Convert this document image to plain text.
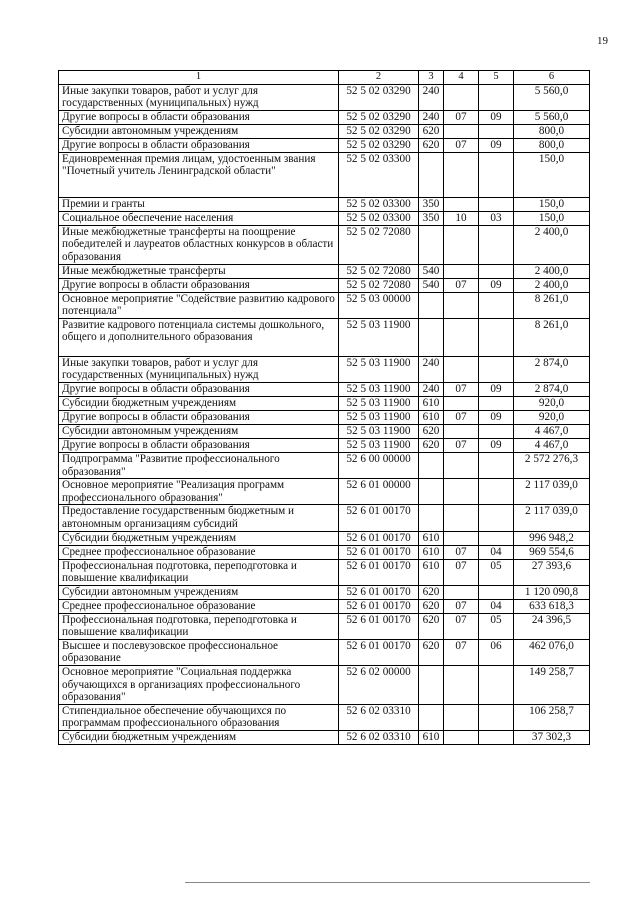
19
1	2	3	4	5	6
Иные закупки товаров, работ и услуг для государственных (муниципальных) нужд	52 5 02 03290	240			5 560,0
Другие вопросы в области образования	52 5 02 03290	240	07	09	5 560,0
Субсидии автономным учреждениям	52 5 02 03290	620			800,0
Другие вопросы в области образования	52 5 02 03290	620	07	09	800,0
Единовременная премия лицам, удостоенным звания "Почетный учитель Ленинградской области"	52 5 02 03300				150,0
Премии и гранты	52 5 02 03300	350			150,0
Социальное обеспечение населения	52 5 02 03300	350	10	03	150,0
Иные межбюджетные трансферты на поощрение победителей и лауреатов областных конкурсов в области образования	52 5 02 72080				2 400,0
Иные межбюджетные трансферты	52 5 02 72080	540			2 400,0
Другие вопросы в области образования	52 5 02 72080	540	07	09	2 400,0
Основное мероприятие "Содействие развитию кадрового потенциала"	52 5 03 00000				8 261,0
Развитие кадрового потенциала системы дошкольного, общего и дополнительного образования	52 5 03 11900				8 261,0
Иные закупки товаров, работ и услуг для государственных (муниципальных) нужд	52 5 03 11900	240			2 874,0
Другие вопросы в области образования	52 5 03 11900	240	07	09	2 874,0
Субсидии бюджетным учреждениям	52 5 03 11900	610			920,0
Другие вопросы в области образования	52 5 03 11900	610	07	09	920,0
Субсидии автономным учреждениям	52 5 03 11900	620			4 467,0
Другие вопросы в области образования	52 5 03 11900	620	07	09	4 467,0
Подпрограмма "Развитие профессионального образования"	52 6 00 00000				2 572 276,3
Основное мероприятие "Реализация программ профессионального образования"	52 6 01 00000				2 117 039,0
Предоставление государственным бюджетным и автономным организациям субсидий	52 6 01 00170				2 117 039,0
Субсидии бюджетным учреждениям	52 6 01 00170	610			996 948,2
Среднее профессиональное образование	52 6 01 00170	610	07	04	969 554,6
Профессиональная подготовка, переподготовка и повышение квалификации	52 6 01 00170	610	07	05	27 393,6
Субсидии автономным учреждениям	52 6 01 00170	620			1 120 090,8
Среднее профессиональное образование	52 6 01 00170	620	07	04	633 618,3
Профессиональная подготовка, переподготовка и повышение квалификации	52 6 01 00170	620	07	05	24 396,5
Высшее и послевузовское профессиональное образование	52 6 01 00170	620	07	06	462 076,0
Основное мероприятие "Социальная поддержка обучающихся в организациях профессионального образования"	52 6 02 00000				149 258,7
Стипендиальное обеспечение обучающихся по программам профессионального образования	52 6 02 03310				106 258,7
Субсидии бюджетным учреждениям	52 6 02 03310	610			37 302,3
